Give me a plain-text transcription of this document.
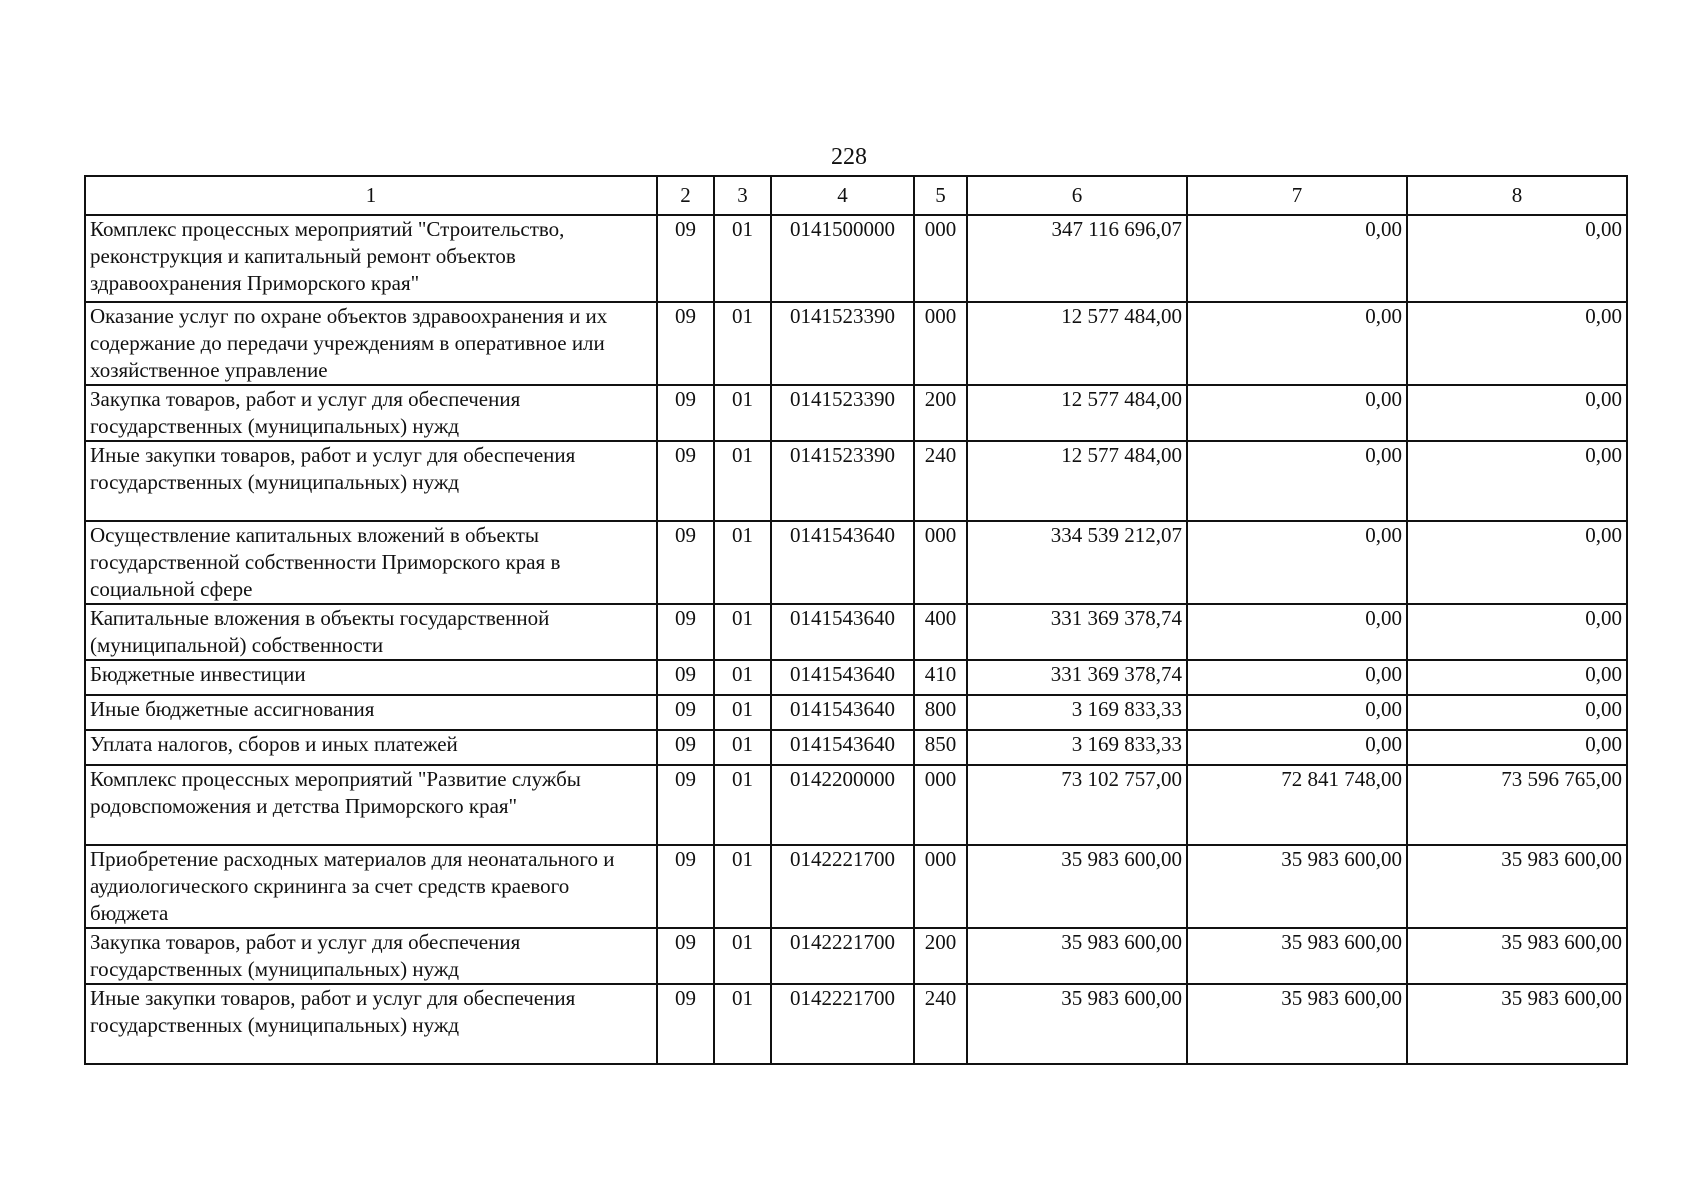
228
1	2	3	4	5	6	7	8
Комплекс процессных мероприятий "Строительство, реконструкция и капитальный ремонт объектов здравоохранения Приморского края"	09	01	0141500000	000	347 116 696,07	0,00	0,00
Оказание услуг по охране объектов здравоохранения и их содержание до передачи учреждениям в оперативное или хозяйственное управление	09	01	0141523390	000	12 577 484,00	0,00	0,00
Закупка товаров, работ и услуг для обеспечения государственных (муниципальных) нужд	09	01	0141523390	200	12 577 484,00	0,00	0,00
Иные закупки товаров, работ и услуг для обеспечения государственных (муниципальных) нужд	09	01	0141523390	240	12 577 484,00	0,00	0,00
Осуществление капитальных вложений в объекты государственной собственности Приморского края в социальной сфере	09	01	0141543640	000	334 539 212,07	0,00	0,00
Капитальные вложения в объекты государственной (муниципальной) собственности	09	01	0141543640	400	331 369 378,74	0,00	0,00
Бюджетные инвестиции	09	01	0141543640	410	331 369 378,74	0,00	0,00
Иные бюджетные ассигнования	09	01	0141543640	800	3 169 833,33	0,00	0,00
Уплата налогов, сборов и иных платежей	09	01	0141543640	850	3 169 833,33	0,00	0,00
Комплекс процессных мероприятий "Развитие службы родовспоможения и детства Приморского края"	09	01	0142200000	000	73 102 757,00	72 841 748,00	73 596 765,00
Приобретение расходных материалов для неонатального и аудиологического скрининга за счет средств краевого бюджета	09	01	0142221700	000	35 983 600,00	35 983 600,00	35 983 600,00
Закупка товаров, работ и услуг для обеспечения государственных (муниципальных) нужд	09	01	0142221700	200	35 983 600,00	35 983 600,00	35 983 600,00
Иные закупки товаров, работ и услуг для обеспечения государственных (муниципальных) нужд	09	01	0142221700	240	35 983 600,00	35 983 600,00	35 983 600,00
